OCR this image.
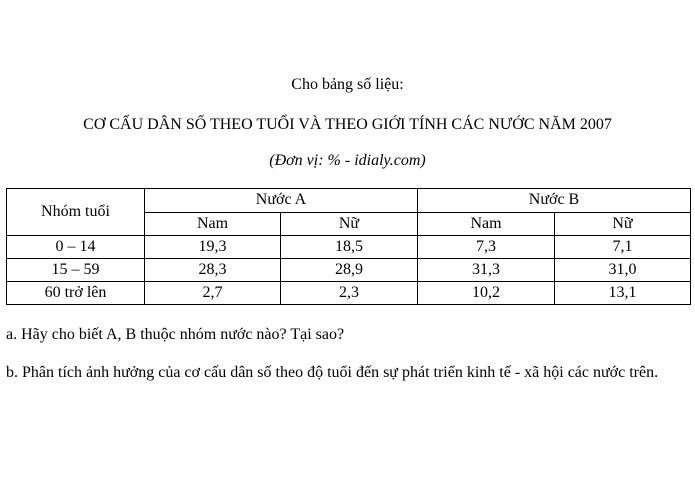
Cho bảng số liệu:
CƠ CẤU DÂN SỐ THEO TUỔI VÀ THEO GIỚI TÍNH CÁC NƯỚC NĂM 2007
(Đơn vị: % - idialy.com)
Nhóm tuổi	Nước A		Nước B	
	Nam	Nữ	Nam	Nữ
0 – 14	19,3	18,5	7,3	7,1
15 – 59	28,3	28,9	31,3	31,0
60 trở lên	2,7	2,3	10,2	13,1
a. Hãy cho biết A, B thuộc nhóm nước nào? Tại sao?
b. Phân tích ảnh hưởng của cơ cấu dân số theo độ tuổi đến sự phát triển kinh tế - xã hội các nước trên.
